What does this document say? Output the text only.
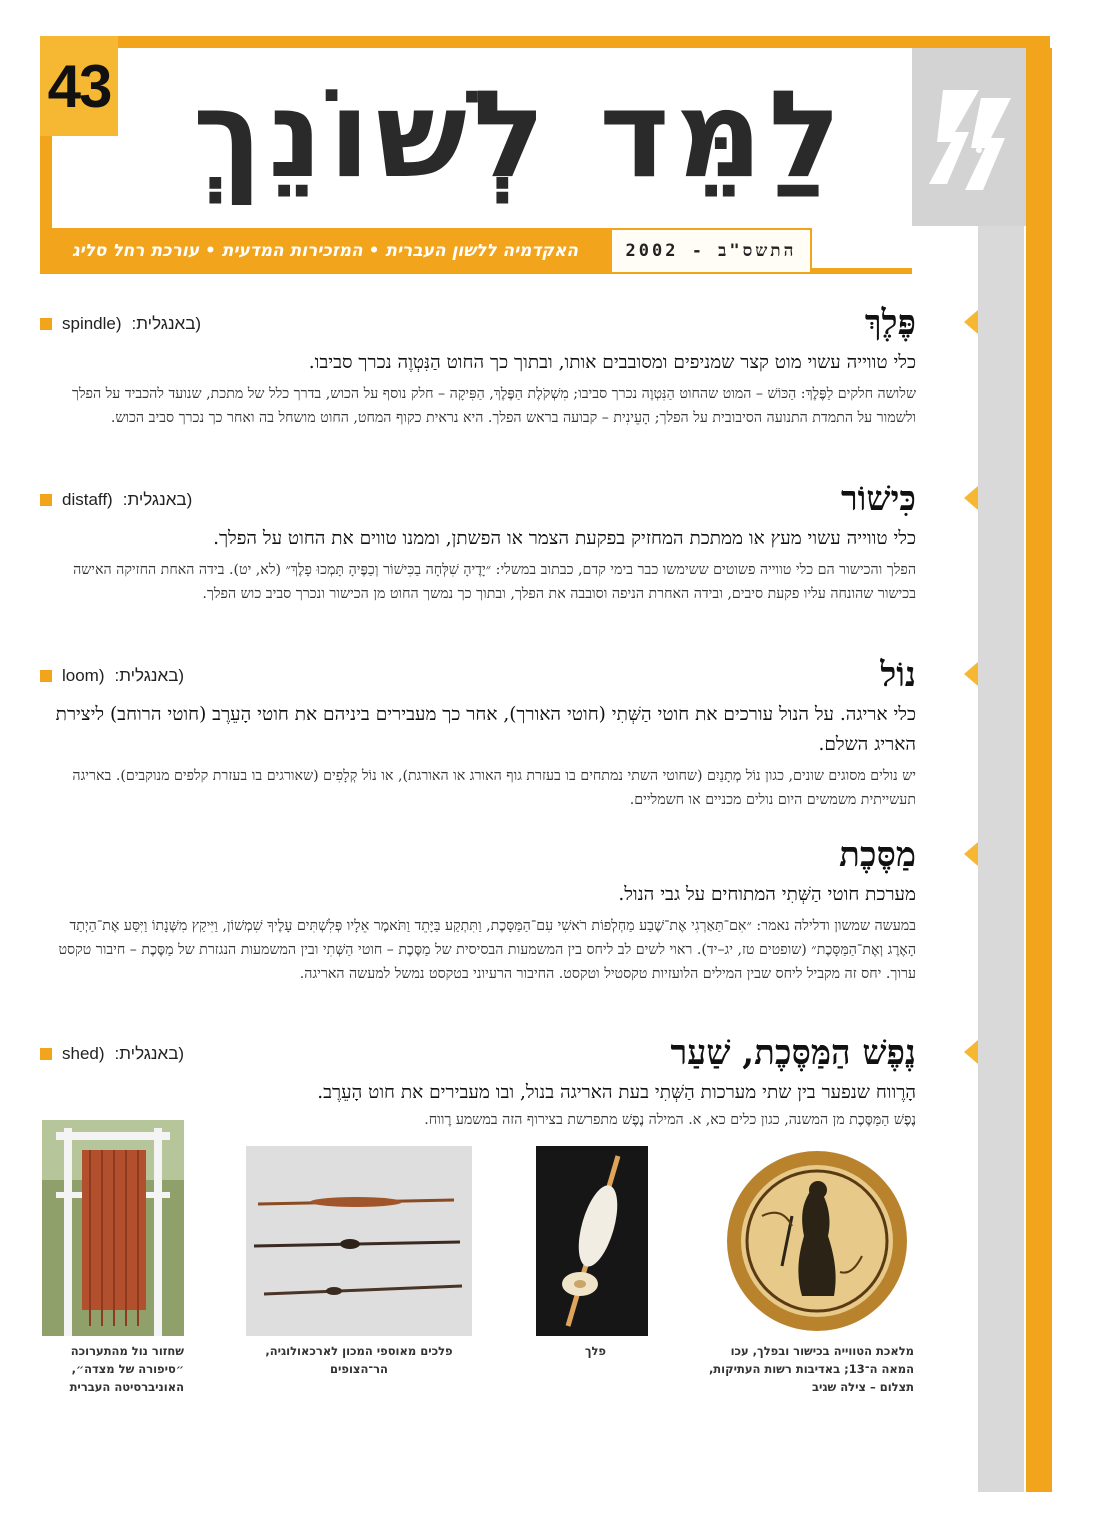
43 לַמֵּד לְשׁוֹנֵךְ
האקדמיה ללשון העברית • המזכירות המדעית • עורכת רחל סליג	התשס"ב - 2002
פֶּלֶךְ
spindle) (באנגלית:

כלי טווייה עשוי מוט קצר שמניפים ומסובבים אותו, ובתוך כך החוט הַנִּטְוֶה נכרך סביבו.

שלושה חלקים לַפֶּלֶךְ: הַכּוֹשׁ – המוט שהחוט הַנִּטְוֶה נכרך סביבו; מִשְׁקֹלֶת הַפֶּלֶךְ, הַפִּיקָה – חלק נוסף על הכוש, בדרך כלל של מתכת, שנועד להכביד על הפלך ולשמור על התמדת התנועה הסיבובית על הפלך; הָעֵינִית – קבועה בראש הפלך. היא נראית כקוף המחט, החוט מושחל בה ואחר כך נכרך סביב הכוש.

כִּישׁוֹר
distaff) (באנגלית:

כלי טווייה עשוי מעץ או ממתכת המחזיק בפקעת הצמר או הפשתן, וממנו טווים את החוט על הפלך.

הפלך והכישור הם כלי טווייה פשוטים ששימשו כבר בימי קדם, כבתוב במשלי: ״יָדֶיהָ שִׁלְּחָה בַכִּישׁוֹר וְכַפֶּיהָ תָּמְכוּ פָלֶךְ״ (לא, יט). בידה האחת החזיקה האישה בכישור שהונחה עליו פקעת סיבים, ובידה האחרת הניפה וסובבה את הפלך, ובתוך כך נמשך החוט מן הכישור ונכרך סביב כוש הפלך.

נוֹל
loom) (באנגלית:

כלי אריגה. על הנול עורכים את חוטי הַשְּׁתִי (חוטי האורך), אחר כך מעבירים ביניהם את חוטי הָעֵרֶב (חוטי הרוחב) ליצירת האריג השלם.

יש נולים מסוגים שונים, כגון נוֹל מְתָנַיִם (שחוטי השתי נמתחים בו בעזרת גוף האורג או האורגת), או נוֹל קְלָפִים (שאורגים בו בעזרת קלפים מנוקבים). באריגה תעשייתית משמשים היום נולים מכניים או חשמליים.

מַסֶּכֶת

מערכת חוטי הַשְּׁתִי המתוחים על גבי הנול.

במעשה שמשון ודלילה נאמר: ״אִם־תַּאַרְגִי אֶת־שֶׁבַע מַחְלְפוֹת רֹאשִׁי עִם־הַמַּסָּכֶת, וַתִּתְקַע בַּיָּתֵד וַתֹּאמֶר אֵלָיו פְּלִשְׁתִּים עָלֶיךָ שִׁמְשׁוֹן, וַיִּיקַץ מִשְּׁנָתוֹ וַיִּסַּע אֶת־הַיְתַד הָאֶרֶג וְאֶת־הַמַּסָּכֶת״ (שופטים טז, יג–יד). ראוי לשים לב ליחס בין המשמעות הבסיסית של מַסֶּכֶת – חוטי הַשְּׁתִי ובין המשמעות הנגזרת של מַסֶּכֶת – חיבור טקסט ערוך. יחס זה מקביל ליחס שבין המילים הלועזיות טקסטיל וטקסט. החיבור הרעיוני בטקסט נמשל למעשה האריגה.

נֶפֶשׁ הַמַּסֶּכֶת, שַׁעַר
shed) (באנגלית:

הָרֶווח שנפער בין שתי מערכות הַשְּׁתִי בעת האריגה בנול, ובו מעבירים את חוט הָעֵרֶב.

נֶפֶשׁ הַמַּסֶּכֶת מן המשנה, כגון כלים כא, א. המילה נֶפֶשׁ מתפרשת בצירוף הזה במשמע רֶווח.

מלאכת הטווייה בכישור ובפלך, עכו המאה ה־13; באדיבות רשות העתיקות, תצלום – צילה שגיב
פלך
פלכים מאוספי המכון לארכאולוגיה, הר־הצופים
שחזור נול מהתערוכה ״סיפורה של מצדה״, האוניברסיטה העברית
